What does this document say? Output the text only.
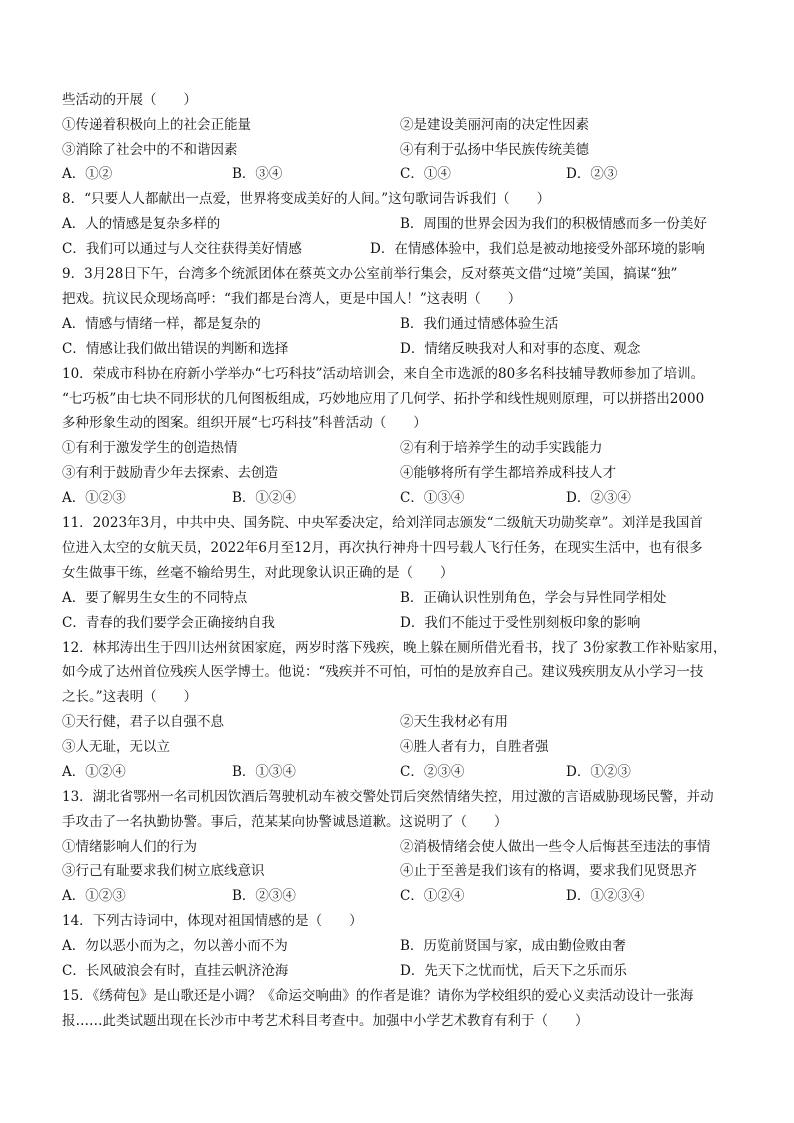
些活动的开展（　　）
①传递着积极向上的社会正能量	②是建设美丽河南的决定性因素
③消除了社会中的不和谐因素	④有利于弘扬中华民族传统美德
A．①②	B．③④	C．①④	D．②③
8．“只要人人都献出一点爱，世界将变成美好的人间。”这句歌词告诉我们（　　）
A．人的情感是复杂多样的	B．周围的世界会因为我们的积极情感而多一份美好
C．我们可以通过与人交往获得美好情感	D．在情感体验中，我们总是被动地接受外部环境的影响
9．3月28日下午，台湾多个统派团体在蔡英文办公室前举行集会，反对蔡英文借“过境”美国，搞谋“独”
把戏。抗议民众现场高呼：“我们都是台湾人，更是中国人！”这表明（　　）
A．情感与情绪一样，都是复杂的	B．我们通过情感体验生活
C．情感让我们做出错误的判断和选择	D．情绪反映我对人和对事的态度、观念
10．荣成市科协在府新小学举办“七巧科技”活动培训会，来自全市选派的80多名科技辅导教师参加了培训。
“七巧板”由七块不同形状的几何图板组成，巧妙地应用了几何学、拓扑学和线性规则原理，可以拼搭出2000
多种形象生动的图案。组织开展“七巧科技”科普活动（　　）
①有利于激发学生的创造热情	②有利于培养学生的动手实践能力
③有利于鼓励青少年去探索、去创造	④能够将所有学生都培养成科技人才
A．①②③	B．①②④	C．①③④	D．②③④
11．2023年3月，中共中央、国务院、中央军委决定，给刘洋同志颁发“二级航天功勋奖章”。刘洋是我国首
位进入太空的女航天员，2022年6月至12月，再次执行神舟十四号载人飞行任务，在现实生活中，也有很多
女生做事干练，丝毫不输给男生，对此现象认识正确的是（　　）
A．要了解男生女生的不同特点	B．正确认识性别角色，学会与异性同学相处
C．青春的我们要学会正确接纳自我	D．我们不能过于受性别刻板印象的影响
12．林邦涛出生于四川达州贫困家庭，两岁时落下残疾，晚上躲在厕所借光看书，找了 3份家教工作补贴家用，
如今成了达州首位残疾人医学博士。他说：“残疾并不可怕，可怕的是放弃自己。建议残疾朋友从小学习一技
之长。”这表明（　　）
①天行健，君子以自强不息	②天生我材必有用
③人无耻，无以立	④胜人者有力，自胜者强
A．①②④	B．①③④	C．②③④	D．①②③
13．湖北省鄂州一名司机因饮酒后驾驶机动车被交警处罚后突然情绪失控，用过激的言语威胁现场民警，并动
手攻击了一名执勤协警。事后，范某某向协警诚恳道歉。这说明了（　　）
①情绪影响人们的行为	②消极情绪会使人做出一些令人后悔甚至违法的事情
③行己有耻要求我们树立底线意识	④止于至善是我们该有的格调，要求我们见贤思齐
A．①②③	B．②③④	C．①②④	D．①②③④
14．下列古诗词中，体现对祖国情感的是（　　）
A．勿以恶小而为之，勿以善小而不为	B．历览前贤国与家，成由勤俭败由奢
C．长风破浪会有时，直挂云帆济沧海	D．先天下之忧而忧，后天下之乐而乐
15．《绣荷包》是山歌还是小调？《命运交响曲》的作者是谁？请你为学校组织的爱心义卖活动设计一张海
报……此类试题出现在长沙市中考艺术科目考查中。加强中小学艺术教育有利于（　　）
